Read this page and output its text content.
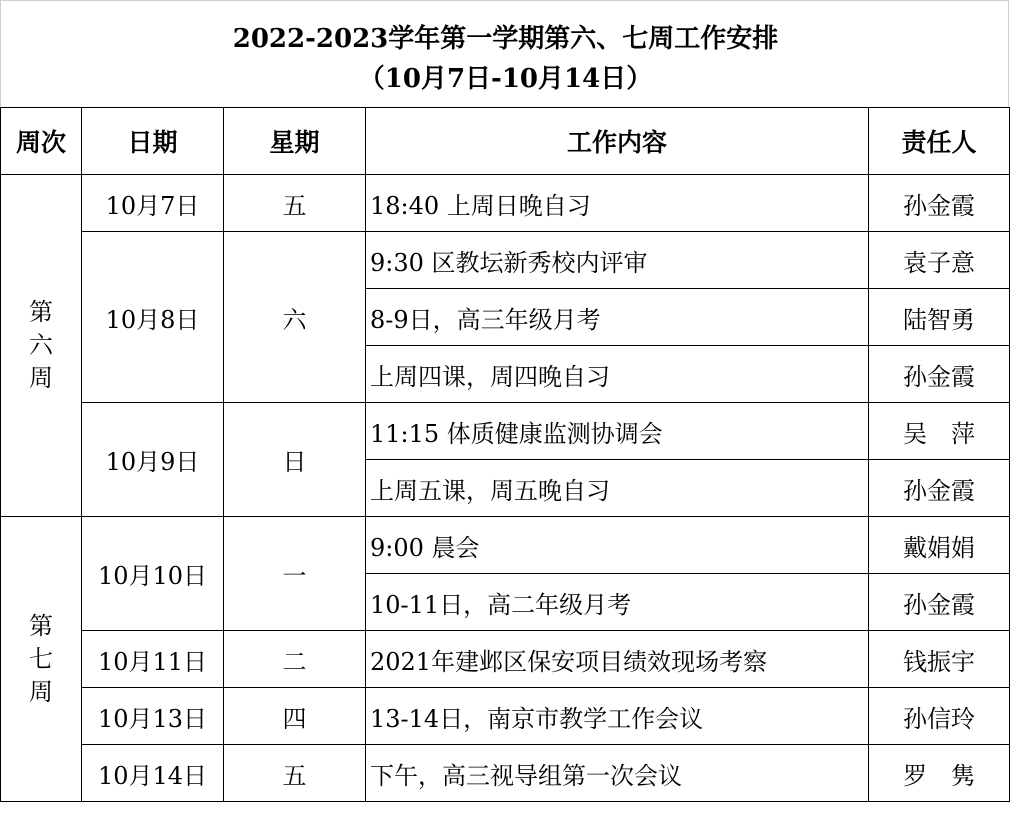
2022-2023学年第一学期第六、七周工作安排
（10月7日-10月14日）
周次	日期	星期	工作内容	责任人

第
六
周	10月7日	五	18:40 上周日晚自习	孙金霞
	10月8日	六	9:30 区教坛新秀校内评审	袁子意
			8-9日，高三年级月考	陆智勇
			上周四课，周四晚自习	孙金霞
	10月9日	日	11:15 体质健康监测协调会	吴　萍
			上周五课，周五晚自习	孙金霞

第
七
周	10月10日	一	9:00 晨会	戴娟娟
			10-11日，高二年级月考	孙金霞
	10月11日	二	2021年建邺区保安项目绩效现场考察	钱振宇
	10月13日	四	13-14日，南京市教学工作会议	孙信玲
	10月14日	五	下午，高三视导组第一次会议	罗　隽
